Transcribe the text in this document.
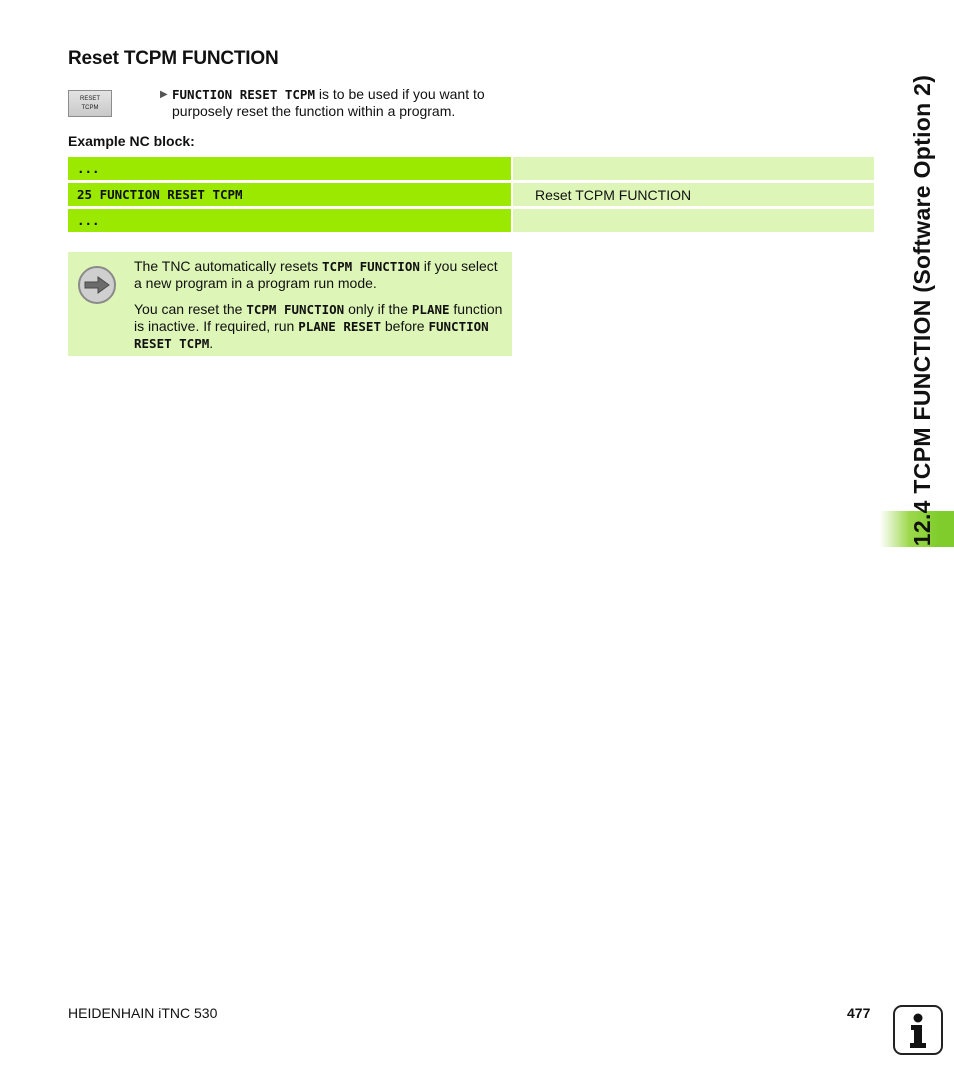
Reset TCPM FUNCTION
RESET
TCPM
▶ FUNCTION RESET TCPM is to be used if you want to purposely reset the function within a program.
Example NC block:
...
25 FUNCTION RESET TCPM	Reset TCPM FUNCTION
...

The TNC automatically resets TCPM FUNCTION if you select a new program in a program run mode.

You can reset the TCPM FUNCTION only if the PLANE function is inactive. If required, run PLANE RESET before FUNCTION RESET TCPM.	12.4 TCPM FUNCTION (Software Option 2)
HEIDENHAIN iTNC 530	477
